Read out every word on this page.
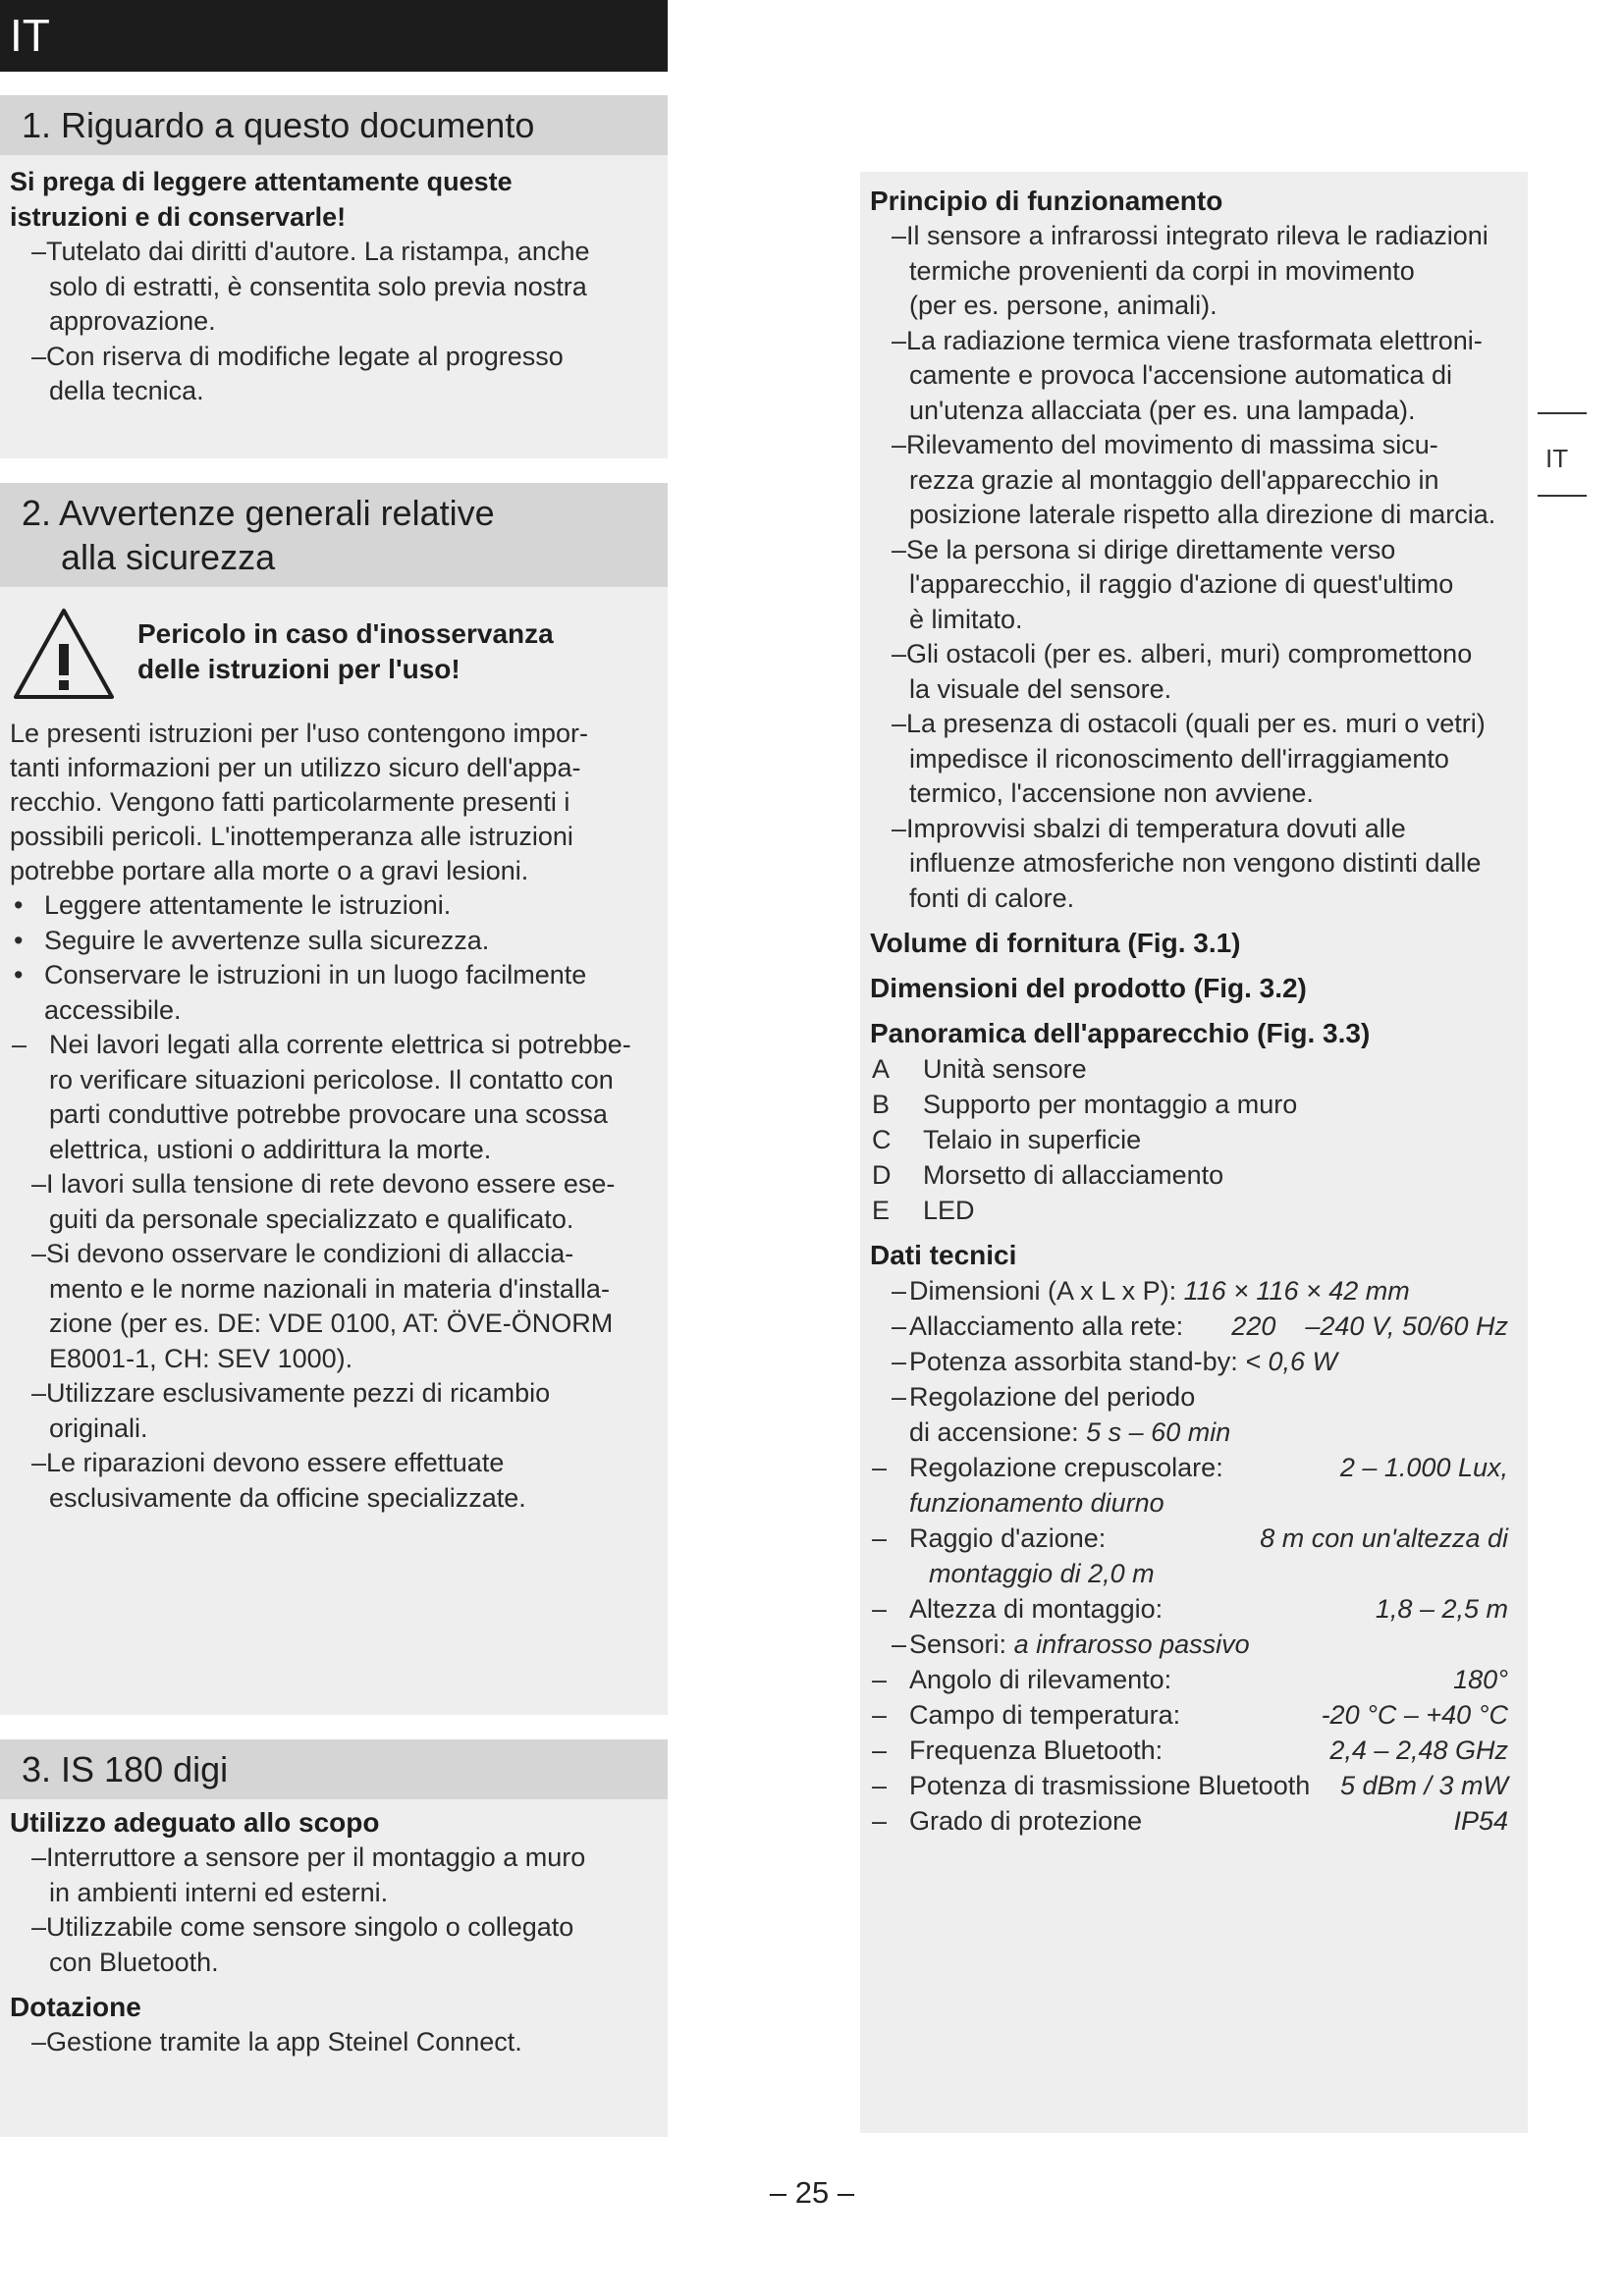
IT
1. Riguardo a questo documento
Si prega di leggere attentamente queste
istruzioni e di conservarle!
–Tutelato dai diritti d'autore. La ristampa, anche
solo di estratti, è consentita solo previa nostra
approvazione.
–Con riserva di modifiche legate al progresso
della tecnica.
2. Avvertenze generali relative
alla sicurezza
Pericolo in caso d'inosservanza
delle istruzioni per l'uso!
Le presenti istruzioni per l'uso contengono impor-
tanti informazioni per un utilizzo sicuro dell'appa-
recchio. Vengono fatti particolarmente presenti i
possibili pericoli. L'inottemperanza alle istruzioni
potrebbe portare alla morte o a gravi lesioni.
• Leggere attentamente le istruzioni.
• Seguire le avvertenze sulla sicurezza.
• Conservare le istruzioni in un luogo facilmente
accessibile.
– Nei lavori legati alla corrente elettrica si potrebbe-
ro verificare situazioni pericolose. Il contatto con
parti conduttive potrebbe provocare una scossa
elettrica, ustioni o addirittura la morte.
–I lavori sulla tensione di rete devono essere ese-
guiti da personale specializzato e qualificato.
–Si devono osservare le condizioni di allaccia-
mento e le norme nazionali in materia d'installa-
zione (per es. DE: VDE 0100, AT: ÖVE-ÖNORM
E8001-1, CH: SEV 1000).
–Utilizzare esclusivamente pezzi di ricambio
originali.
–Le riparazioni devono essere effettuate
esclusivamente da officine specializzate.
3. IS 180 digi
Utilizzo adeguato allo scopo
–Interruttore a sensore per il montaggio a muro
in ambienti interni ed esterni.
–Utilizzabile come sensore singolo o collegato
con Bluetooth.
Dotazione
–Gestione tramite la app Steinel Connect.
Principio di funzionamento
–Il sensore a infrarossi integrato rileva le radiazioni
termiche provenienti da corpi in movimento
(per es. persone, animali).
–La radiazione termica viene trasformata elettroni-
camente e provoca l'accensione automatica di
un'utenza allacciata (per es. una lampada).
–Rilevamento del movimento di massima sicu-
rezza grazie al montaggio dell'apparecchio in
posizione laterale rispetto alla direzione di marcia.
–Se la persona si dirige direttamente verso
l'apparecchio, il raggio d'azione di quest'ultimo
è limitato.
–Gli ostacoli (per es. alberi, muri) compromettono
la visuale del sensore.
–La presenza di ostacoli (quali per es. muri o vetri)
impedisce il riconoscimento dell'irraggiamento
termico, l'accensione non avviene.
–Improvvisi sbalzi di temperatura dovuti alle
influenze atmosferiche non vengono distinti dalle
fonti di calore.
Volume di fornitura (Fig. 3.1)
Dimensioni del prodotto (Fig. 3.2)
Panoramica dell'apparecchio (Fig. 3.3)
A	Unità sensore
B	Supporto per montaggio a muro
C	Telaio in superficie
D	Morsetto di allacciamento
E	LED
Dati tecnici
– Dimensioni (A x L x P): 116 × 116 × 42 mm
– Allacciamento alla rete: 220    –240 V, 50/60 Hz
– Potenza assorbita stand-by: < 0,6 W
– Regolazione del periodo
di accensione: 5 s – 60 min
– Regolazione crepuscolare:	2 – 1.000 Lux,
funzionamento diurno
– Raggio d'azione:	8 m con un'altezza di
montaggio di 2,0 m
– Altezza di montaggio:	1,8 – 2,5 m
– Sensori: a infrarosso passivo
– Angolo di rilevamento:	180°
– Campo di temperatura:	-20 °C – +40 °C
– Frequenza Bluetooth:	2,4 – 2,48 GHz
– Potenza di trasmissione Bluetooth 5 dBm / 3 mW
– Grado di protezione	IP54
IT
– 25 –
